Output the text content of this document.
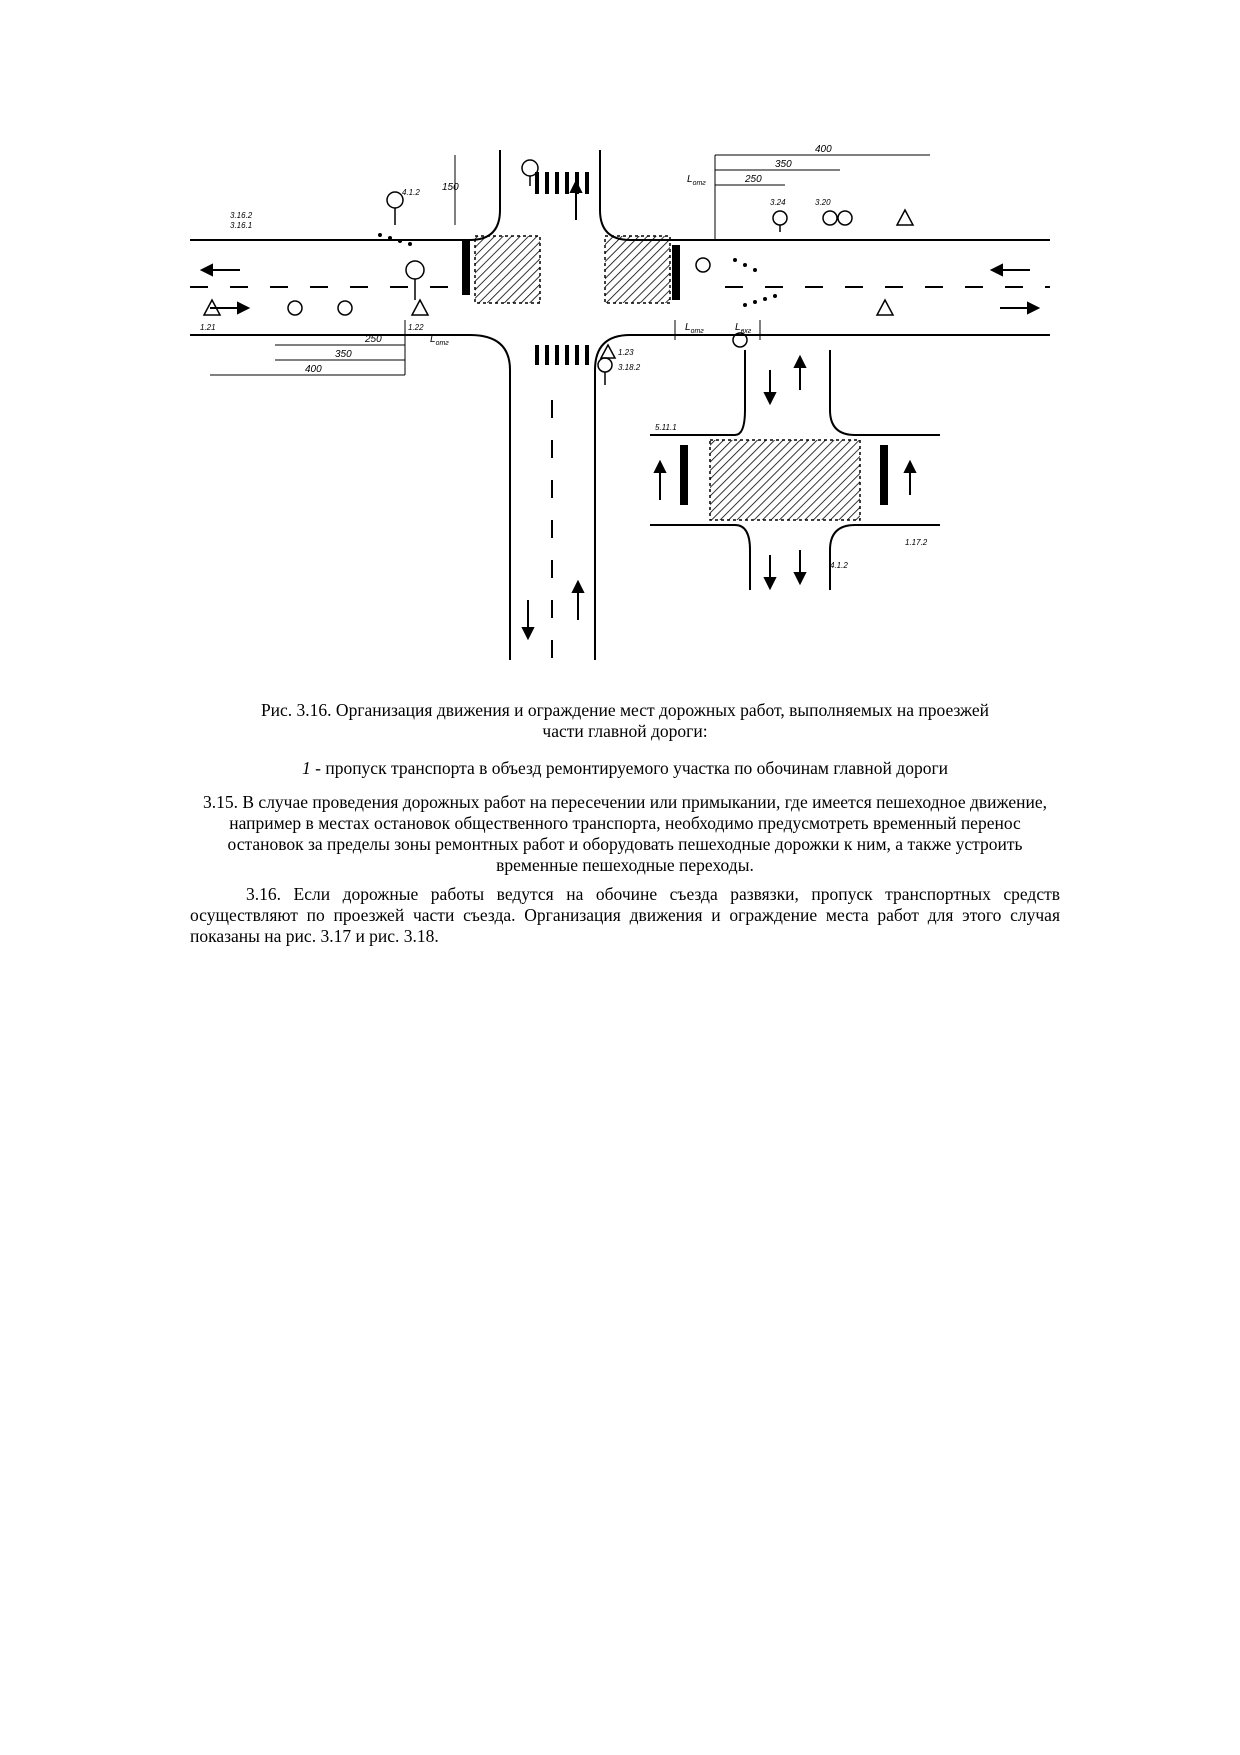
400
350
250
150
250
350
400
$L_{отг}$
$L_{отг}$
$L_{отг}$	$L_{вхг}$
3.16.2
3.16.1
4.1.2
1.21	1.22
3.20
3.24
1.23
3.18.2
5.11.1
1.17.2
4.1.2

Рис. 3.16. Организация движения и ограждение мест дорожных работ, выполняемых на проезжей

части главной дороги:

1 - пропуск транспорта в объезд ремонтируемого участка по обочинам главной дороги

3.15. В случае проведения дорожных работ на пересечении или примыкании, где имеется пешеходное движение, например в местах остановок общественного транспорта, необходимо предусмотреть временный перенос остановок за пределы зоны ремонтных работ и оборудовать пешеходные дорожки к ним, а также устроить временные пешеходные переходы.

3.16. Если дорожные работы ведутся на обочине съезда развязки, пропуск транспортных средств осуществляют по проезжей части съезда. Организация движения и ограждение места работ для этого случая показаны на рис. 3.17 и рис. 3.18.
